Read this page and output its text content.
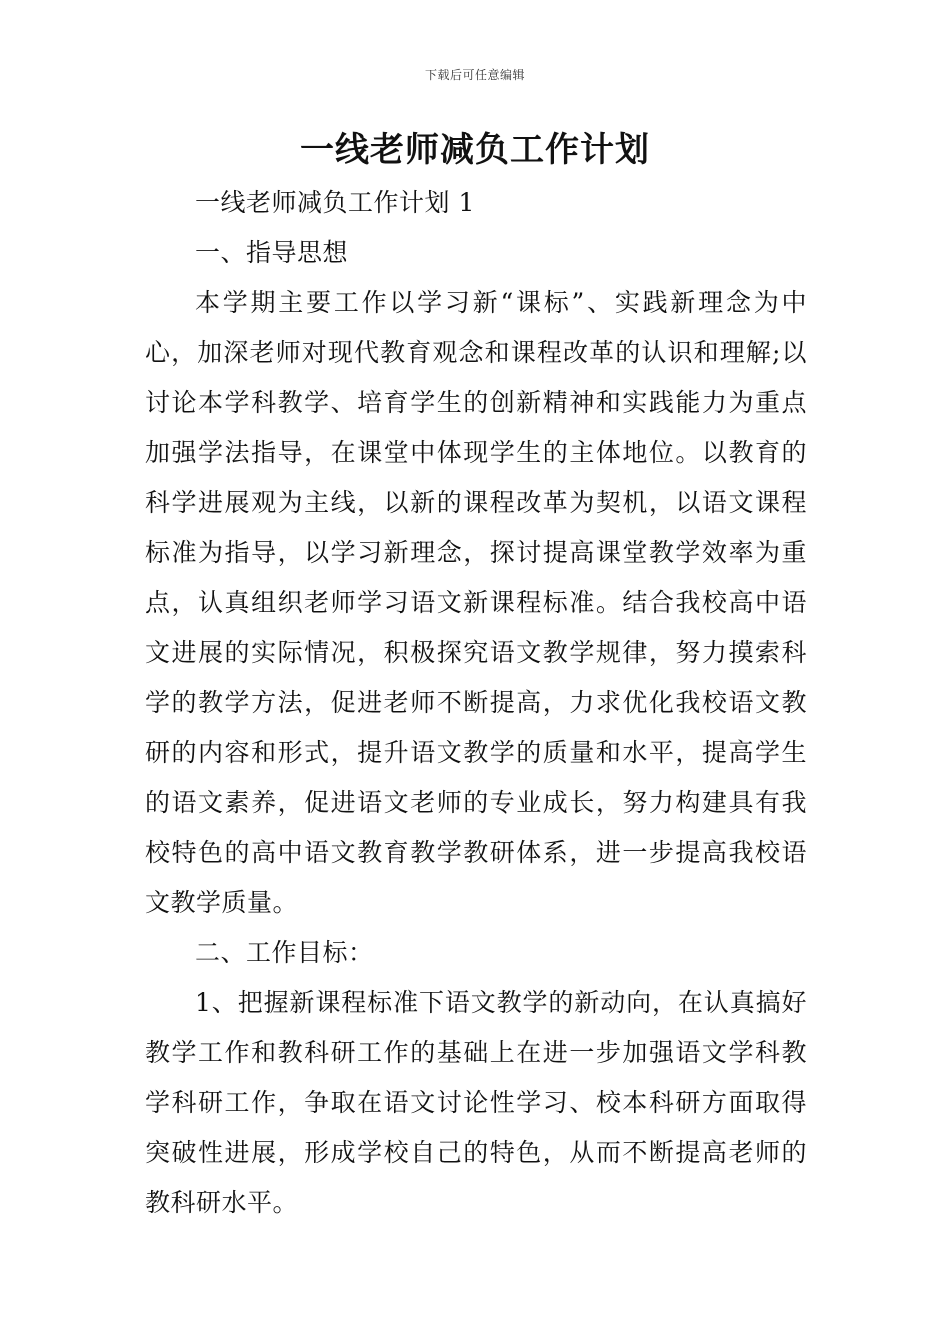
下载后可任意编辑
一线老师减负工作计划

一线老师减负工作计划 1

一、指导思想

本学期主要工作以学习新“课标”、实践新理念为中心，加深老师对现代教育观念和课程改革的认识和理解;以讨论本学科教学、培育学生的创新精神和实践能力为重点加强学法指导，在课堂中体现学生的主体地位。以教育的科学进展观为主线，以新的课程改革为契机，以语文课程标准为指导，以学习新理念，探讨提高课堂教学效率为重点，认真组织老师学习语文新课程标准。结合我校高中语文进展的实际情况，积极探究语文教学规律，努力摸索科学的教学方法，促进老师不断提高，力求优化我校语文教研的内容和形式，提升语文教学的质量和水平，提高学生的语文素养，促进语文老师的专业成长，努力构建具有我校特色的高中语文教育教学教研体系，进一步提高我校语文教学质量。

二、工作目标：

1、把握新课程标准下语文教学的新动向，在认真搞好教学工作和教科研工作的基础上在进一步加强语文学科教学科研工作，争取在语文讨论性学习、校本科研方面取得突破性进展，形成学校自己的特色，从而不断提高老师的教科研水平。
